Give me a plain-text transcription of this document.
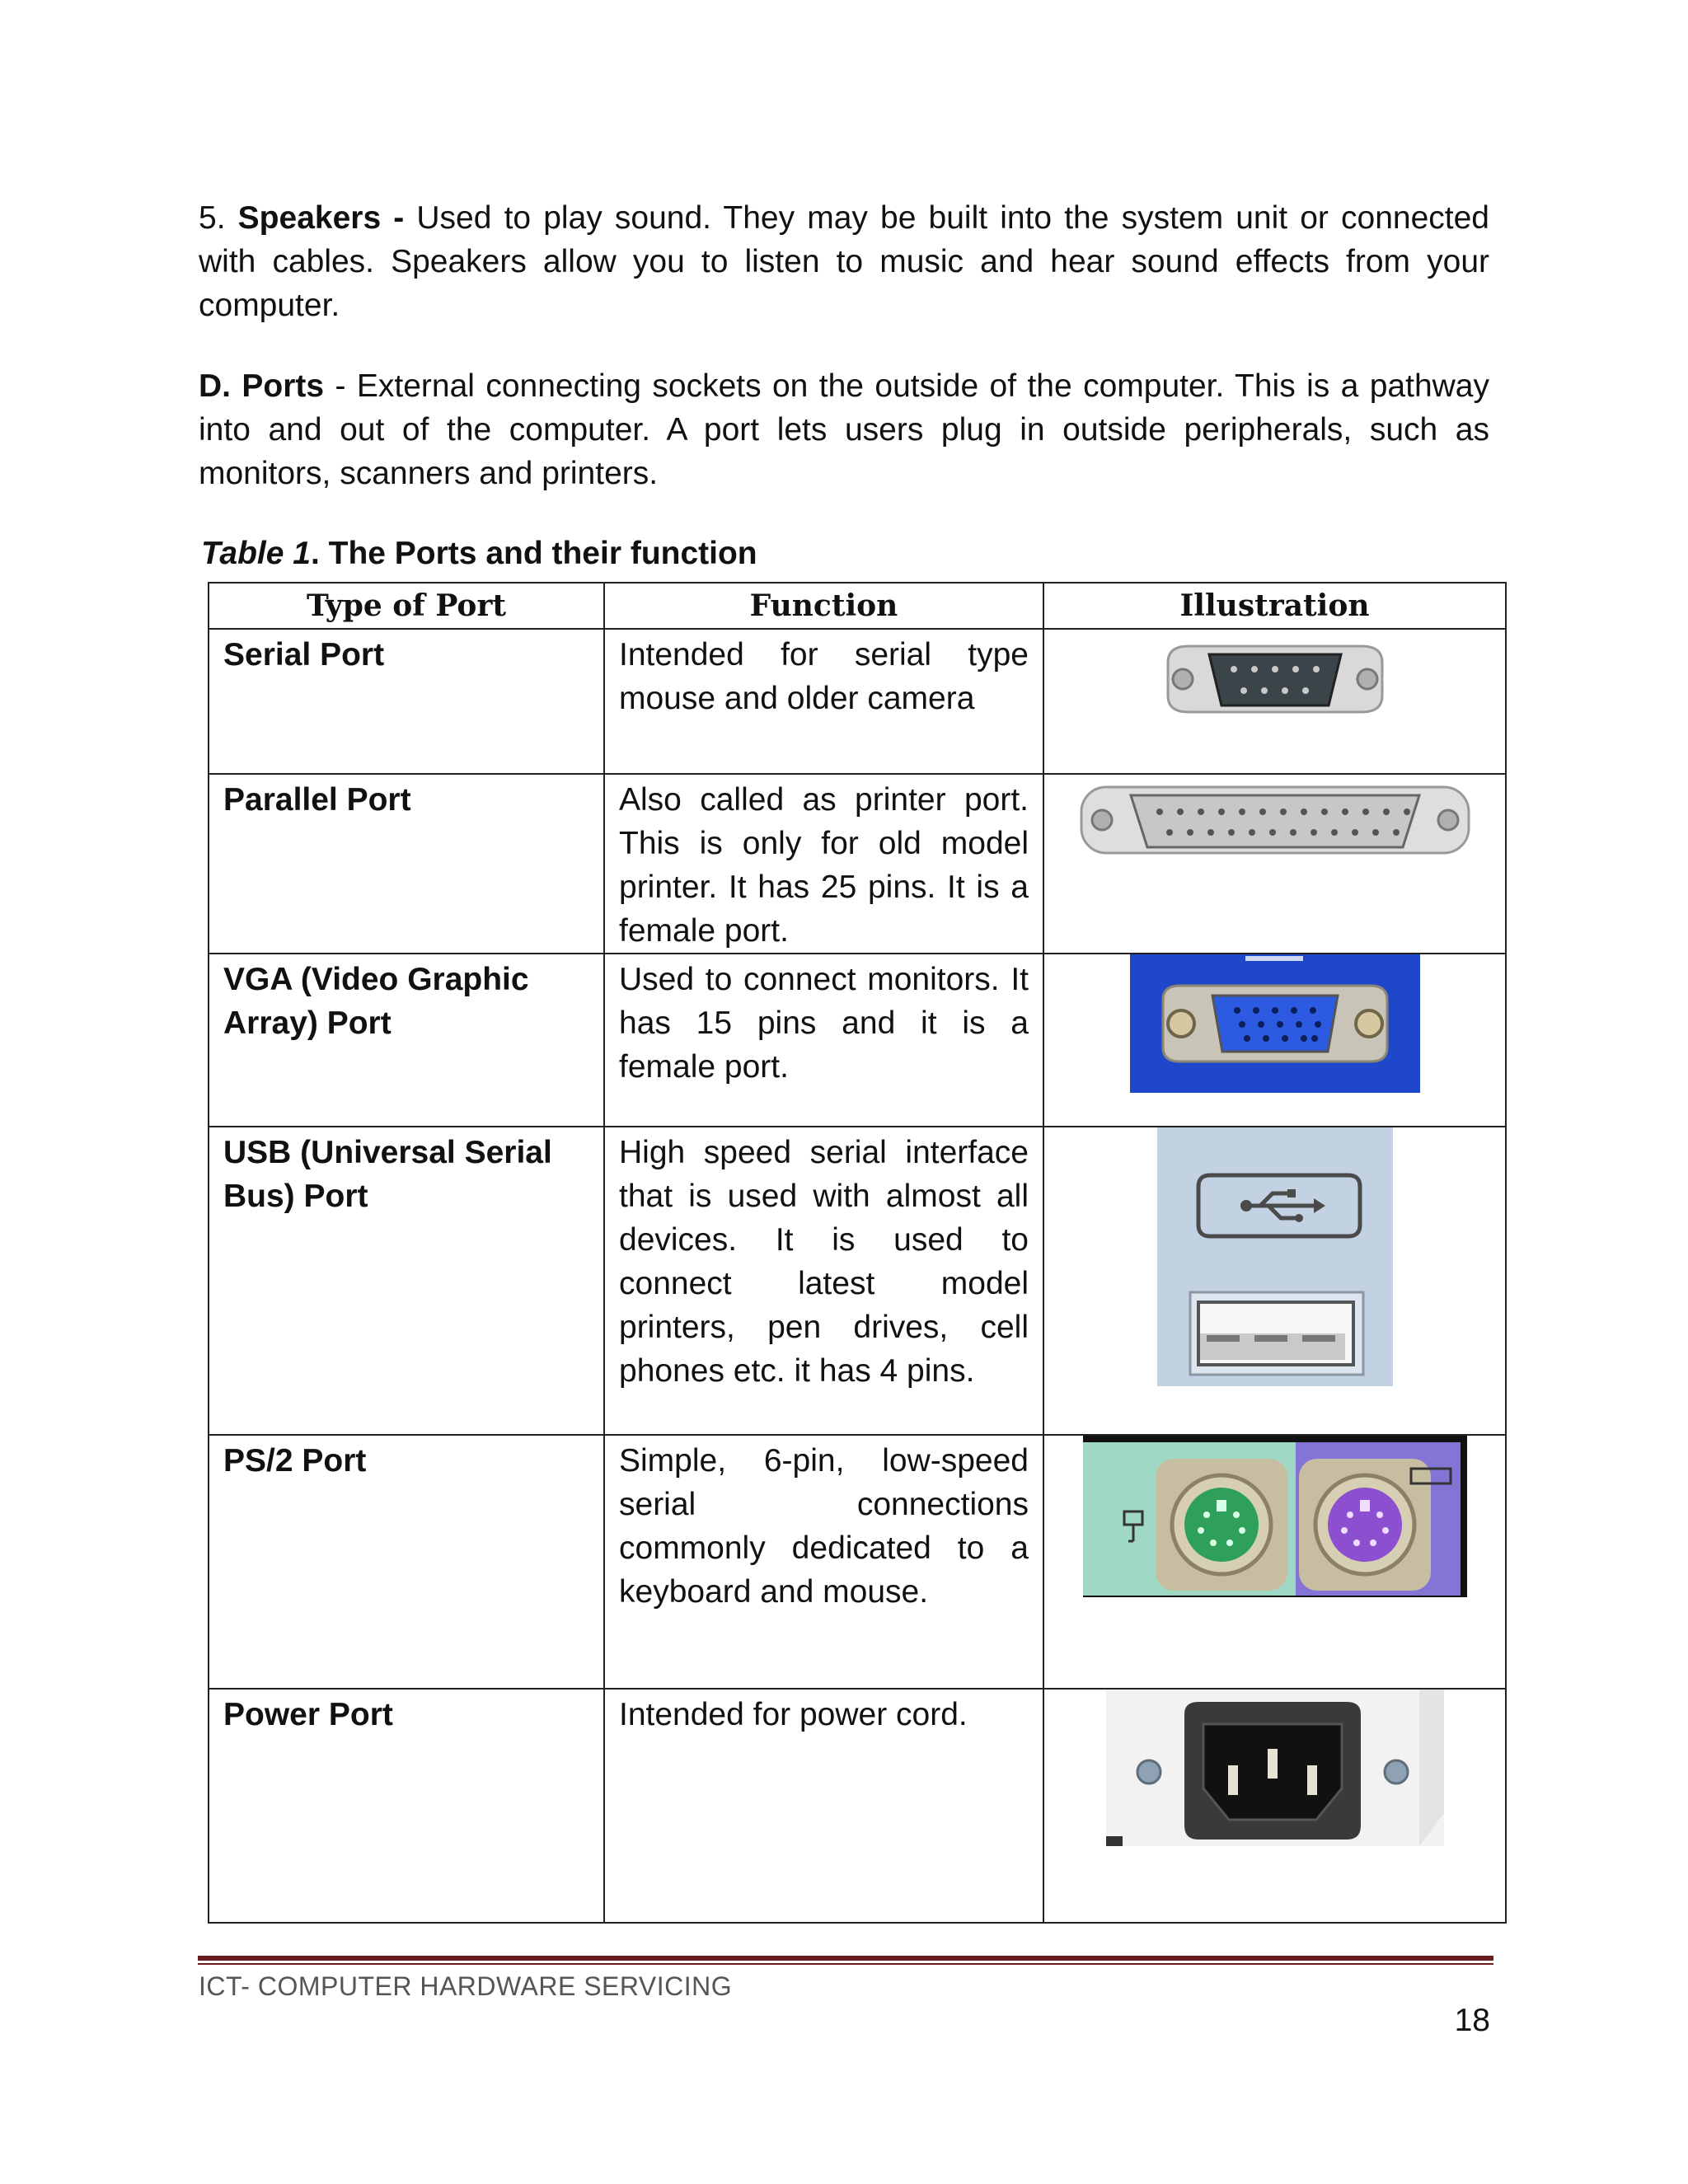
5. Speakers - Used to play sound. They may be built into the system unit or connected with cables. Speakers allow you to listen to music and hear sound effects from your computer.

D. Ports - External connecting sockets on the outside of the computer. This is a pathway into and out of the computer. A port lets users plug in outside peripherals, such as monitors, scanners and printers.

Table 1. The Ports and their function

Type of Port	Function	Illustration
Serial Port	Intended for serial type mouse and older camera	

Parallel Port	Also called as printer port. This is only for old model printer. It has 25 pins. It is a female port.	

VGA (Video Graphic Array) Port	Used to connect monitors. It has 15 pins and it is a female port.	

USB (Universal Serial Bus) Port	High speed serial interface that is used with almost all devices. It is used to connect latest model printers, pen drives, cell phones etc. it has 4 pins.	

PS/2 Port	Simple, 6-pin, low-speed serial connections commonly dedicated to a keyboard and mouse.	

Power Port	Intended for power cord.	
ICT- COMPUTER HARDWARE SERVICING
18
